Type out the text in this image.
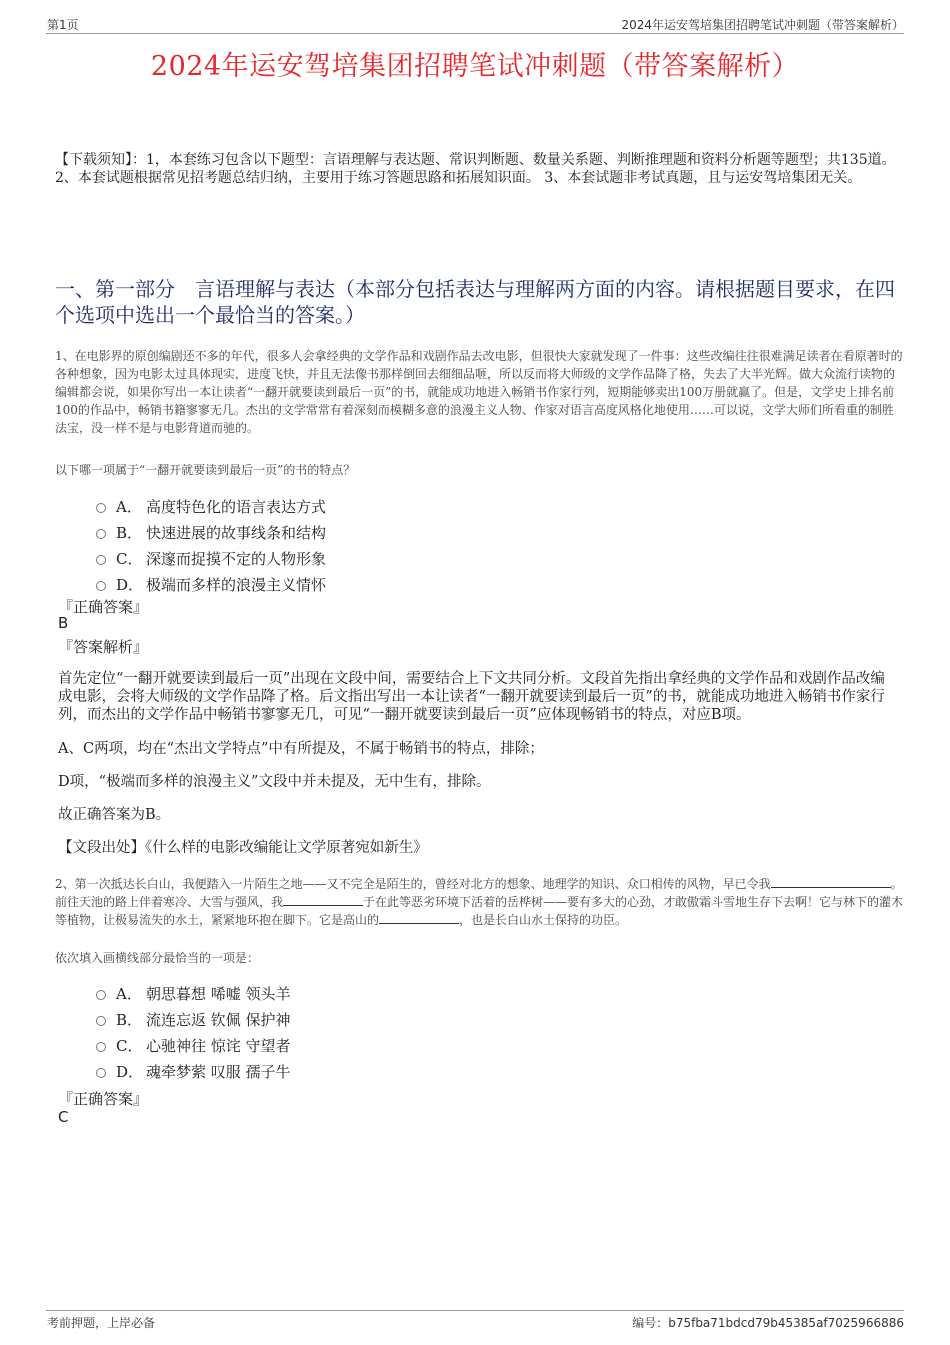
第1页	2024年运安驾培集团招聘笔试冲刺题（带答案解析）
2024年运安驾培集团招聘笔试冲刺题（带答案解析）
【下载须知】：1，本套练习包含以下题型：言语理解与表达题、常识判断题、数量关系题、判断推理题和资料分析题等题型；共135道。 2、本套试题根据常见招考题总结归纳，主要用于练习答题思路和拓展知识面。 3、本套试题非考试真题，且与运安驾培集团无关。
一、第一部分　言语理解与表达（本部分包括表达与理解两方面的内容。请根据题目要求，在四个选项中选出一个最恰当的答案。）
1、在电影界的原创编剧还不多的年代，很多人会拿经典的文学作品和戏剧作品去改电影，但很快大家就发现了一件事：这些改编往往很难满足读者在看原著时的各种想象，因为电影太过具体现实，进度飞快，并且无法像书那样倒回去细细品咂，所以反而将大师级的文学作品降了格，失去了大半光辉。做大众流行读物的编辑都会说，如果你写出一本让读者“一翻开就要读到最后一页”的书，就能成功地进入畅销书作家行列，短期能够卖出100万册就赢了。但是，文学史上排名前100的作品中，畅销书籍寥寥无几。杰出的文学常常有着深刻而模糊多意的浪漫主义人物、作家对语言高度风格化地使用……可以说，文学大师们所看重的制胜法宝，没一样不是与电影背道而驰的。
以下哪一项属于“一翻开就要读到最后一页”的书的特点？
A． 高度特色化的语言表达方式
B． 快速进展的故事线条和结构
C． 深邃而捉摸不定的人物形象
D． 极端而多样的浪漫主义情怀
『正确答案』
B
『答案解析』
首先定位“一翻开就要读到最后一页”出现在文段中间，需要结合上下文共同分析。文段首先指出拿经典的文学作品和戏剧作品改编成电影，会将大师级的文学作品降了格。后文指出写出一本让读者“一翻开就要读到最后一页”的书，就能成功地进入畅销书作家行列，而杰出的文学作品中畅销书寥寥无几，可见“一翻开就要读到最后一页”应体现畅销书的特点，对应B项。
A、C两项，均在“杰出文学特点”中有所提及，不属于畅销书的特点，排除；
D项，“极端而多样的浪漫主义”文段中并未提及，无中生有，排除。
故正确答案为B。
【文段出处】《什么样的电影改编能让文学原著宛如新生》
2、第一次抵达长白山，我便踏入一片陌生之地——又不完全是陌生的，曾经对北方的想象、地理学的知识、众口相传的风物，早已令我	。前往天池的路上伴着寒冷、大雪与强风，我	于在此等恶劣环境下活着的岳桦树——要有多大的心劲，才敢傲霜斗雪地生存下去啊！它与林下的灌木等植物，让极易流失的水土，紧紧地环抱在脚下。它是高山的	，也是长白山水土保持的功臣。
依次填入画横线部分最恰当的一项是：
A． 朝思暮想 唏嘘 领头羊
B． 流连忘返 钦佩 保护神
C． 心驰神往 惊诧 守望者
D． 魂牵梦萦 叹服 孺子牛
『正确答案』
C
考前押题，上岸必备	编号：b75fba71bdcd79b45385af7025966886
